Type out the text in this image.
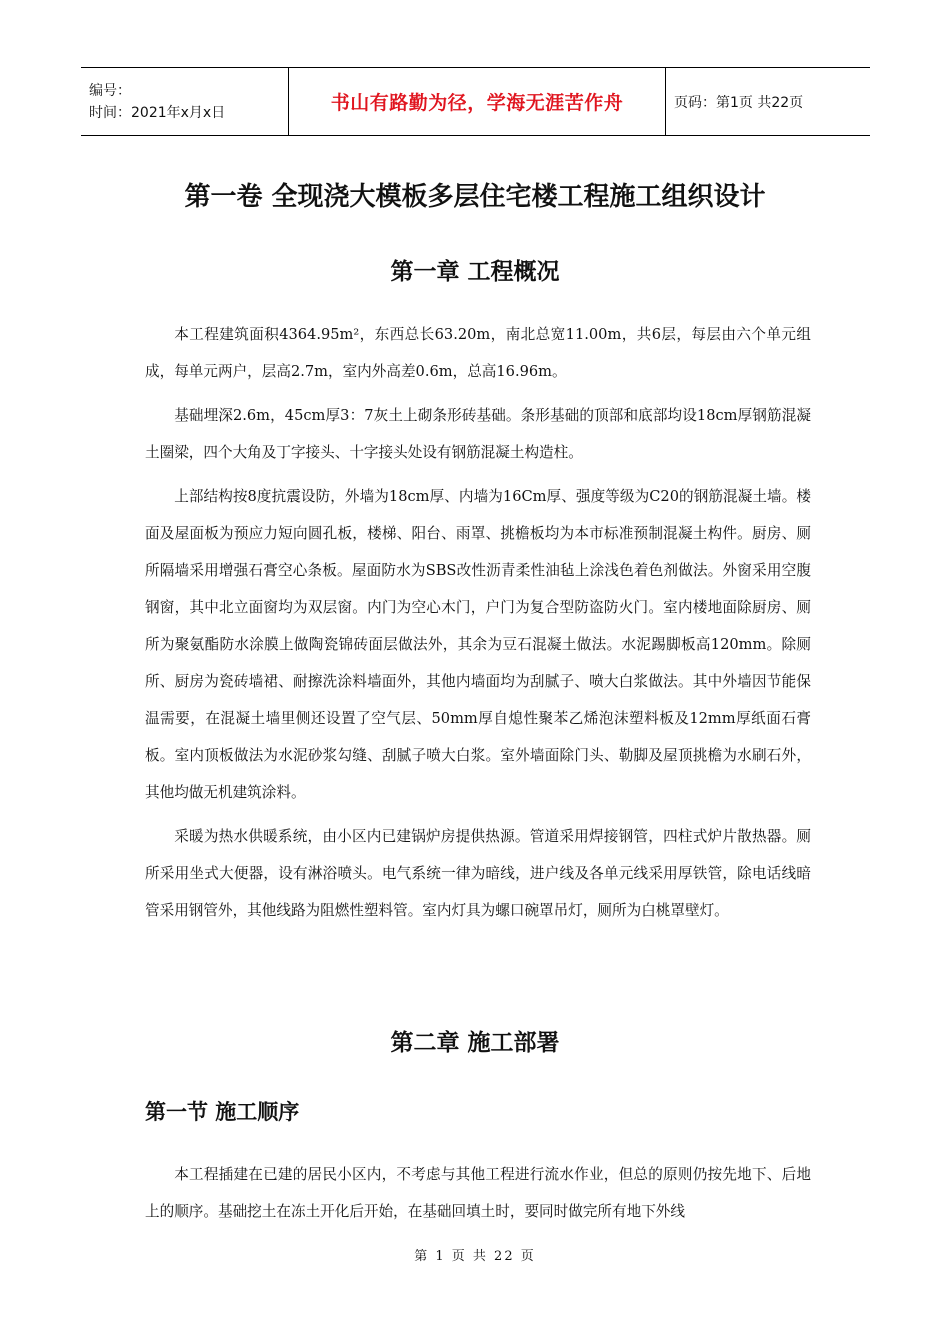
编号：
时间：2021年x月x日	书山有路勤为径，学海无涯苦作舟	页码：第1页 共22页
第一卷 全现浇大模板多层住宅楼工程施工组织设计
第一章 工程概况

本工程建筑面积4364.95m²，东西总长63.20m，南北总宽11.00m，共6层，每层由六个单元组成，每单元两户，层高2.7m，室内外高差0.6m，总高16.96m。

基础埋深2.6m，45cm厚3：7灰土上砌条形砖基础。条形基础的顶部和底部均设18cm厚钢筋混凝土圈梁，四个大角及丁字接头、十字接头处设有钢筋混凝土构造柱。

上部结构按8度抗震设防，外墙为18cm厚、内墙为16Cm厚、强度等级为C20的钢筋混凝土墙。楼面及屋面板为预应力短向圆孔板，楼梯、阳台、雨罩、挑檐板均为本市标准预制混凝土构件。厨房、厕所隔墙采用增强石膏空心条板。屋面防水为SBS改性沥青柔性油毡上涂浅色着色剂做法。外窗采用空腹钢窗，其中北立面窗均为双层窗。内门为空心木门，户门为复合型防盗防火门。室内楼地面除厨房、厕所为聚氨酯防水涂膜上做陶瓷锦砖面层做法外，其余为豆石混凝土做法。水泥踢脚板高120mm。除厕所、厨房为瓷砖墙裙、耐擦洗涂料墙面外，其他内墙面均为刮腻子、喷大白浆做法。其中外墙因节能保温需要，在混凝土墙里侧还设置了空气层、50mm厚自熄性聚苯乙烯泡沫塑料板及12mm厚纸面石膏板。室内顶板做法为水泥砂浆勾缝、刮腻子喷大白浆。室外墙面除门头、勒脚及屋顶挑檐为水刷石外，其他均做无机建筑涂料。

采暖为热水供暖系统，由小区内已建锅炉房提供热源。管道采用焊接钢管，四柱式炉片散热器。厕所采用坐式大便器，设有淋浴喷头。电气系统一律为暗线，进户线及各单元线采用厚铁管，除电话线暗管采用钢管外，其他线路为阻燃性塑料管。室内灯具为螺口碗罩吊灯，厕所为白桃罩壁灯。

第二章 施工部署
第一节 施工顺序

本工程插建在已建的居民小区内，不考虑与其他工程进行流水作业，但总的原则仍按先地下、后地上的顺序。基础挖土在冻土开化后开始，在基础回填土时，要同时做完所有地下外线

第 1 页 共 22 页
